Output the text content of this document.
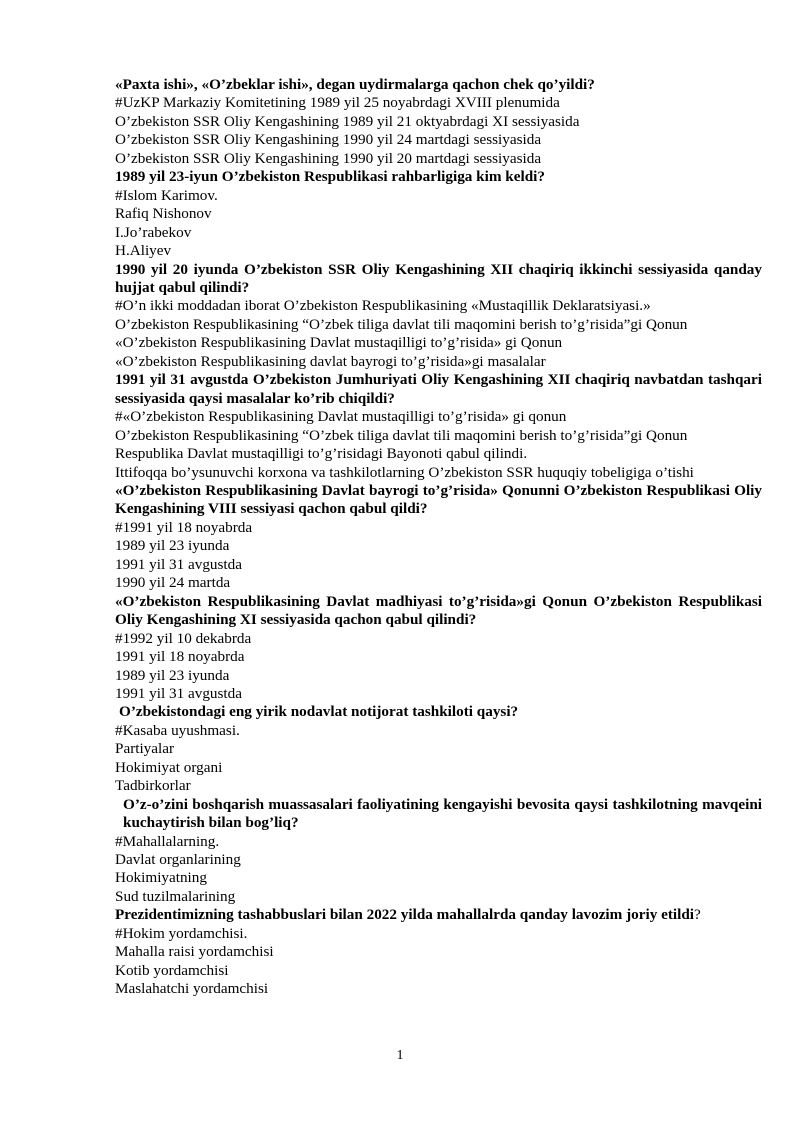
«Paxta ishi», «O’zbeklar ishi», degan uydirmalarga qachon chek qo’yildi?
#UzKP Markaziy Komitetining 1989 yil 25 noyabrdagi XVIII plenumida
O’zbekiston SSR Oliy Kengashining 1989 yil 21 oktyabrdagi XI sessiyasida
O’zbekiston SSR Oliy Kengashining 1990 yil 24 martdagi sessiyasida
O’zbekiston SSR Oliy Kengashining 1990 yil 20 martdagi sessiyasida
1989 yil 23-iyun O’zbekiston Respublikasi rahbarligiga kim keldi?
#Islom Karimov.
Rafiq Nishonov
I.Jo’rabekov
H.Aliyev
1990 yil 20 iyunda O’zbekiston SSR Oliy Kengashining XII chaqiriq ikkinchi sessiyasida qanday hujjat qabul qilindi?
#O’n ikki moddadan iborat O’zbekiston Respublikasining «Mustaqillik Deklaratsiyasi.»
O’zbekiston Respublikasining “O’zbek tiliga davlat tili maqomini berish to’g’risida”gi Qonun
«O’zbekiston Respublikasining Davlat mustaqilligi to’g’risida» gi Qonun
«O’zbekiston Respublikasining davlat bayrogi to’g’risida»gi masalalar
1991 yil 31 avgustda O’zbekiston Jumhuriyati Oliy Kengashining XII chaqiriq navbatdan tashqari sessiyasida qaysi masalalar ko’rib chiqildi?
#«O’zbekiston Respublikasining Davlat mustaqilligi to’g’risida» gi qonun
O’zbekiston Respublikasining “O’zbek tiliga davlat tili maqomini berish to’g’risida”gi Qonun
Respublika Davlat mustaqilligi to’g’risidagi Bayonoti qabul qilindi.
Ittifoqqa bo’ysunuvchi korxona va tashkilotlarning O’zbekiston SSR huquqiy tobeligiga o’tishi
«O’zbekiston Respublikasining Davlat bayrogi to’g’risida» Qonunni O’zbekiston Respublikasi Oliy Kengashining VIII sessiyasi qachon qabul qildi?
#1991 yil 18 noyabrda
1989 yil 23 iyunda
1991 yil 31 avgustda
1990 yil 24 martda
«O’zbekiston Respublikasining Davlat madhiyasi to’g’risida»gi Qonun O’zbekiston Respublikasi Oliy Kengashining XI sessiyasida qachon qabul qilindi?
#1992 yil 10 dekabrda
1991 yil 18 noyabrda
1989 yil 23 iyunda
1991 yil 31 avgustda
O’zbekistondagi eng yirik nodavlat notijorat tashkiloti qaysi?
#Kasaba uyushmasi.
Partiyalar
Hokimiyat organi
Tadbirkorlar
O’z-o’zini boshqarish muassasalari faoliyatining kengayishi bevosita qaysi tashkilotning mavqeini kuchaytirish bilan bog’liq?
#Mahallalarning.
Davlat organlarining
Hokimiyatning
Sud tuzilmalarining
Prezidentimizning tashabbuslari bilan 2022 yilda mahallalrda qanday lavozim joriy etildi?
#Hokim yordamchisi.
Mahalla raisi yordamchisi
Kotib yordamchisi
Maslahatchi yordamchisi
1
